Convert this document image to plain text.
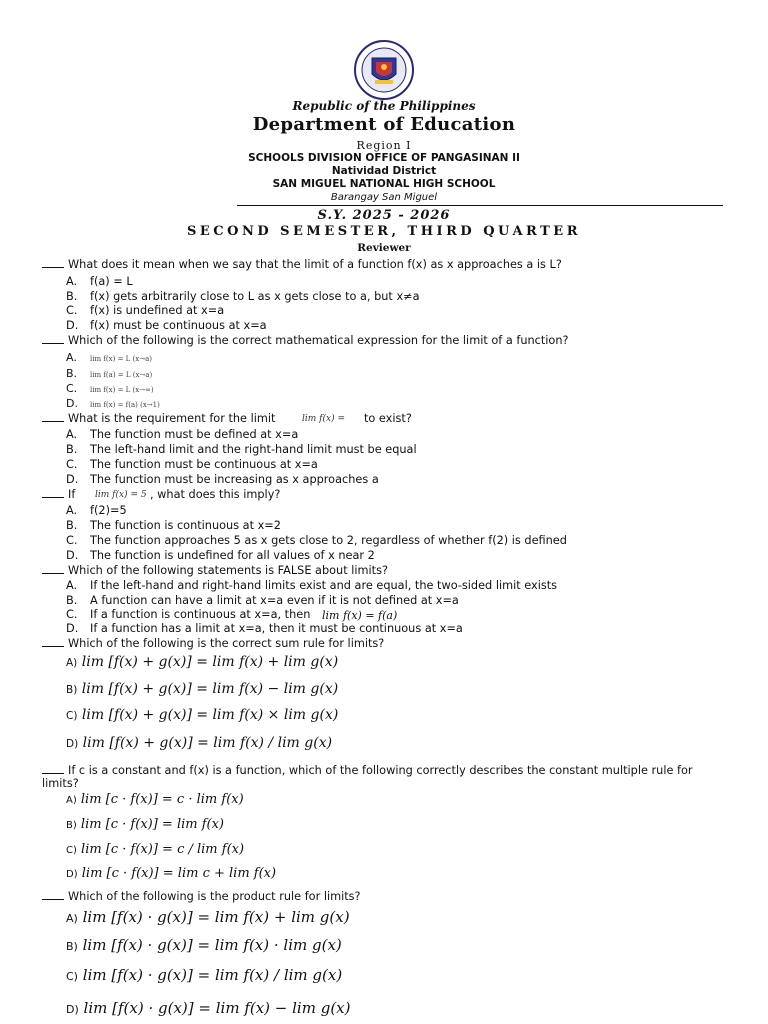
Republic of the Philippines
Department of Education
Region I
SCHOOLS DIVISION OFFICE OF PANGASINAN II
Natividad District
SAN MIGUEL NATIONAL HIGH SCHOOL
Barangay San Miguel
S.Y. 2025 - 2026
SECOND SEMESTER, THIRD QUARTER
Reviewer
What does it mean when we say that the limit of a function f(x) as x approaches a is L?
A. f(a) = L
B. f(x) gets arbitrarily close to L as x gets close to a, but x≠a
C. f(x) is undefined at x=a
D. f(x) must be continuous at x=a
Which of the following is the correct mathematical expression for the limit of a function?
A. lim f(x) = L (x→a)
B. lim f(a) = L (x→a)
C. lim f(x) = L (x→∞)
D. lim f(x) = f(a) (x→1)
What is the requirement for the limit	lim f(x) = to exist?
A. The function must be defined at x=a
B. The left-hand limit and the right-hand limit must be equal
C. The function must be continuous at x=a
D. The function must be increasing as x approaches a
If lim f(x) = 5 , what does this imply?
A. f(2)=5
B. The function is continuous at x=2
C. The function approaches 5 as x gets close to 2, regardless of whether f(2) is defined
D. The function is undefined for all values of x near 2
Which of the following statements is FALSE about limits?
A. If the left-hand and right-hand limits exist and are equal, the two-sided limit exists
B. A function can have a limit at x=a even if it is not defined at x=a
C. If a function is continuous at x=a, then lim f(x) = f(a)
D. If a function has a limit at x=a, then it must be continuous at x=a
Which of the following is the correct sum rule for limits?
A) lim [f(x) + g(x)] = lim f(x) + lim g(x)
B) lim [f(x) + g(x)] = lim f(x) − lim g(x)
C) lim [f(x) + g(x)] = lim f(x) × lim g(x)
D) lim [f(x) + g(x)] = lim f(x) / lim g(x)
If c is a constant and f(x) is a function, which of the following correctly describes the constant multiple rule for
limits?
A) lim [c · f(x)] = c · lim f(x)
B) lim [c · f(x)] = lim f(x)
C) lim [c · f(x)] = c / lim f(x)
D) lim [c · f(x)] = lim c + lim f(x)
Which of the following is the product rule for limits?
A) lim [f(x) · g(x)] = lim f(x) + lim g(x)
B) lim [f(x) · g(x)] = lim f(x) · lim g(x)
C) lim [f(x) · g(x)] = lim f(x) / lim g(x)
D) lim [f(x) · g(x)] = lim f(x) − lim g(x)
